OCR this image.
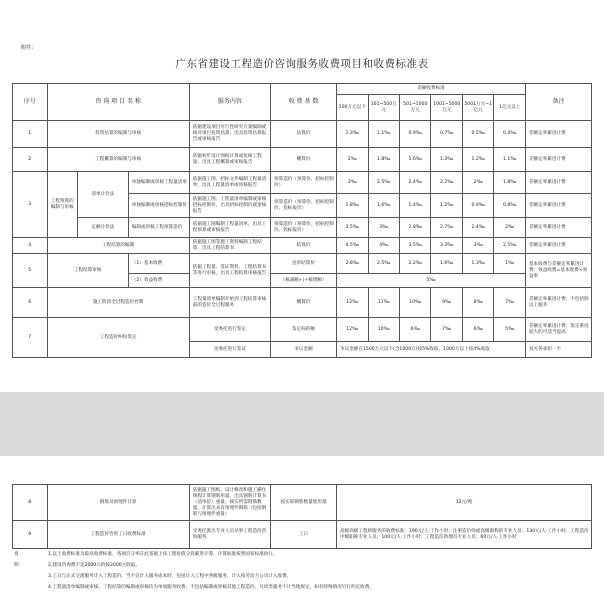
附件：
广东省建设工程造价咨询服务收费项目和收费标准表
序号	咨 询 项 目 名 称			服务内容	收 费 基 数	差额收费标准						备注
						100万元以下	101~500万元	501~1000万元	1001~5000万元	5001万元~1亿元	1亿元以上	
1	投资估算的编制与审核			依据建设项目可行性研究方案编制或核对项目投资估算，出具投资估算报告或审核报告	估算价	1.3‰	1.1‰	0.9‰	0.7‰	0.5‰	0.4‰	差额定率累进计费
2	工程概算的编制与审核			依据初步设计图纸计算或复核工程量，出具工程概算或审核报告	概算价	2‰	1.8‰	1.6‰	1.3‰	1.2‰	1.1‰	差额定率累进计费
3	工程预算的编制与审核	清单计价法	单独编制或审核工程量清单	依据施工图、招标文件编制工程量清单，出具工程量清单或审核报告	预算造价（预算价，招标控制价）	3‰	2.5‰	2.4‰	2.2‰	2‰	1.8‰	差额定率累进计费
			单独编制或审核招标控制价	依据施工图、工程量清单编制或审核招标控制价，出具招标控制价或审核报告	预算造价（预算价，招标控制价、投标报价）	1.8‰	1.6‰	1.4‰	1.2‰	0.9‰	0.8‰	差额定率累进计费
		定额计价法	编制或审核工程预算造价	依据施工图编制工程量清单，出具工程预算或审核报告	预算造价（预算价，招标控制价、投标报价）	3.5‰	3‰	2.8‰	2.7‰	2.4‰	2‰	差额定率累进计费
4	工程结算的编制			依据施工图等施工资料编制工程结算，出具工程结算书	结算价	4.5‰	4‰	3.5‰	3.3‰	3‰	2.5‰	差额定率累进计费
5	工程结算审核		（1）基本收费	依据工程量、签证资料、工程结算书等进行审核，出具工程结算审核报告	送审结算价	2.8‰	2.5‰	2.2‰	1.6‰	1.3‰	1‰	基本收费与差额定率累进计费；效益收费=基本收费×效益率
			（2）效益收费		（核减额+|+核增额）	5‰						
6	施工阶段全过程造价控制			工程量清单编制开始到工程结算审核前的造价全过程服务	概算价	12‰	11‰	10‰	9‰	8‰	7‰	差额定率累进计费；不包括除以上服务
7	工程造价纠纷鉴定			受委托进行鉴定	鉴定标的额	12‰	10‰	6‰	7‰	6‰	5‰	差额定率累进计费；鉴定难度较大的可适当提高
				受委托进行鉴证	争议金额	争议金额在1500万元以下(含1000万)按5%收取，1000万以上按4%收取						双方各承担一半
8	钢筋及预埋件计算	依据施工图纸、设计修改和施工操作规程计算钢筋用量，出具钢筋计算书（清单价）重量、核实所需钢筋数量，计算出来有预埋件钢筋（包括钢筋与预埋件重量）	按实际钢筋数量使用量	12元/吨
9	工程造价咨询工日收费标准	受委托派出专业人员从事工程造价咨询服务	工日	高级高级工程师服务的收费标准：190元/人·工作小时；注册造价师或高级职称的专业人员：130元/人·工作小时；工程造价中级职称专业人员：100元/人·工作小时；工程造价助理员专业人员：60元/人·工作小时
说明：
1.以上收费标准为最高收费标准，各项百分率在此基础上按工程价值分段累进计算，计算标准按照国家标准执行。
2.建设咨询费不足2000元的按2000元收取。
3.工日与正式交流服务计入工程造价，当不宜计入服务成本时，包括计入工程中各级服务，计入按劳动力公司计入收费。
4.工程量清单编制或审核、工程结算的编制或审核均为单项服务收费，不包括编制或审核其他工程造价，凡同类服务不计当地规定，如有特殊情况另行约定收费。
